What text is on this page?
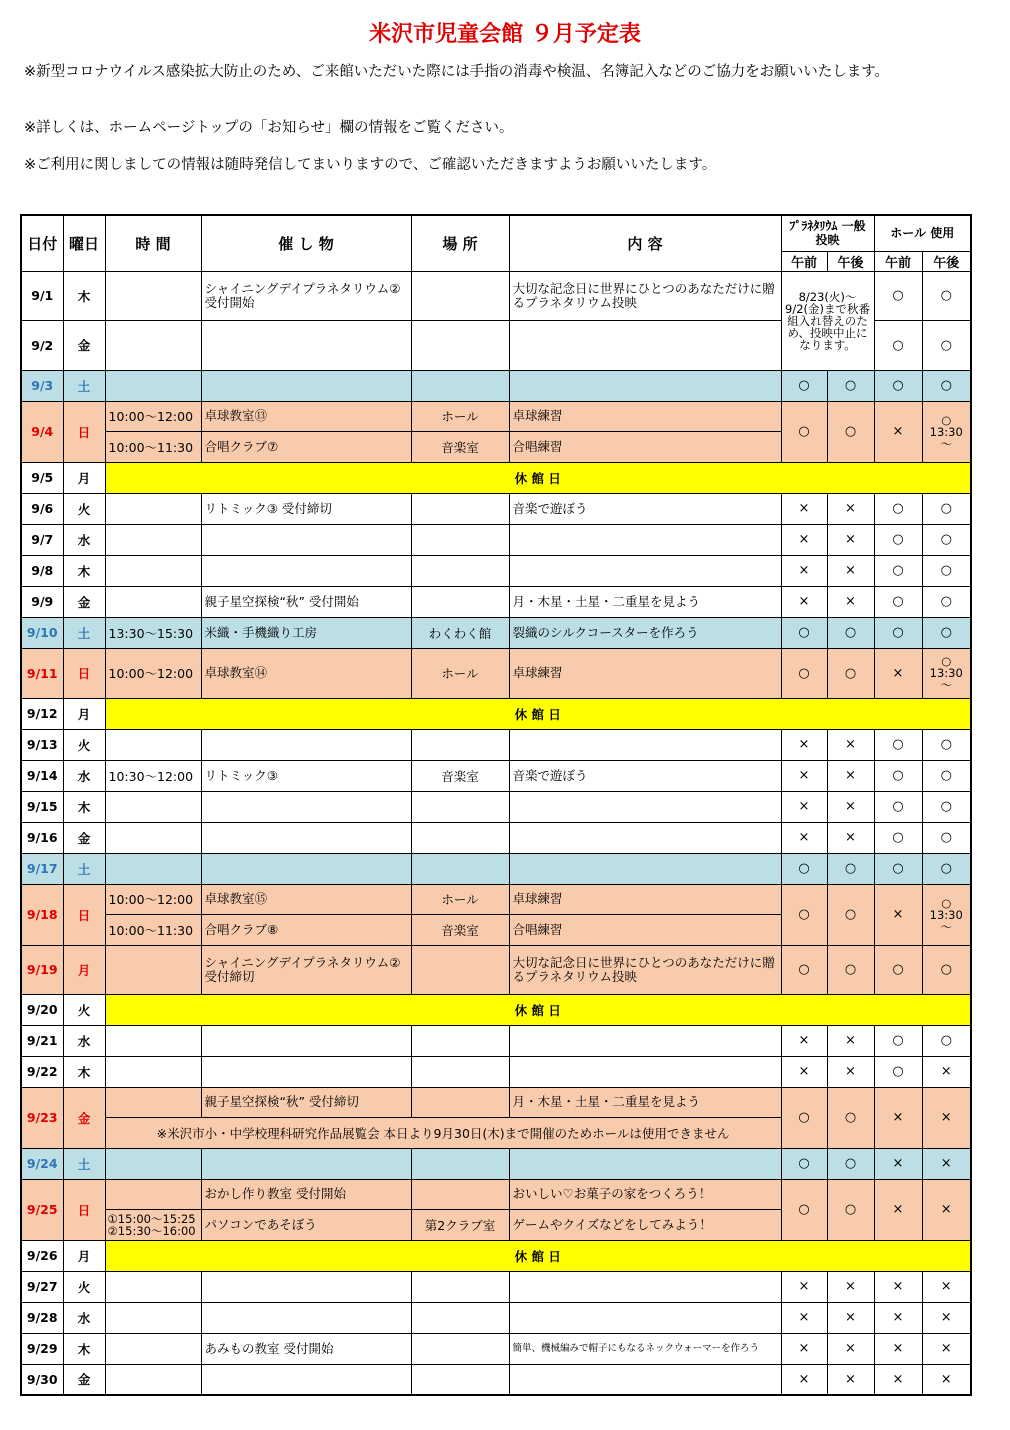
米沢市児童会館 ９月予定表
※新型コロナウイルス感染拡大防止のため、ご来館いただいた際には手指の消毒や検温、名簿記入などのご協力をお願いいたします。
※詳しくは、ホームページトップの「お知らせ」欄の情報をご覧ください。
※ご利用に関しましての情報は随時発信してまいりますので、ご確認いただきますようお願いいたします。
日付	曜日	時 間	催 し 物	場 所	内 容	ﾌﾟﾗﾈﾀﾘｳﾑ 一般投映		ホール 使用	
						午前	午後	午前	午後
9/1	木		シャイニングデイプラネタリウム② 受付開始		大切な記念日に世界にひとつのあなただけに贈るプラネタリウム投映	8/23(火)～9/2(金)まで秋番組入れ替えのため、投映中止になります。		○	○
9/2	金							○	○
9/3	土					○	○	○	○
9/4	日	10:00～12:00	卓球教室⑬	ホール	卓球練習	○	○	×	○ 13:30 ～
		10:00～11:30	合唱クラブ⑦	音楽室	合唱練習				
9/5	月	休 館 日							
9/6	火		リトミック③ 受付締切		音楽で遊ぼう	×	×	○	○
9/7	水					×	×	○	○
9/8	木					×	×	○	○
9/9	金		親子星空探検“秋” 受付開始		月・木星・土星・二重星を見よう	×	×	○	○
9/10	土	13:30～15:30	米織・手機織り工房	わくわく館	裂織のシルクコースターを作ろう	○	○	○	○
9/11	日	10:00～12:00	卓球教室⑭	ホール	卓球練習	○	○	×	○ 13:30 ～
9/12	月	休 館 日							
9/13	火					×	×	○	○
9/14	水	10:30～12:00	リトミック③	音楽室	音楽で遊ぼう	×	×	○	○
9/15	木					×	×	○	○
9/16	金					×	×	○	○
9/17	土					○	○	○	○
9/18	日	10:00～12:00	卓球教室⑮	ホール	卓球練習	○	○	×	○ 13:30 ～
		10:00～11:30	合唱クラブ⑧	音楽室	合唱練習				
9/19	月		シャイニングデイプラネタリウム② 受付締切		大切な記念日に世界にひとつのあなただけに贈るプラネタリウム投映	○	○	○	○
9/20	火	休 館 日							
9/21	水					×	×	○	○
9/22	木					×	×	○	×
9/23	金		親子星空探検“秋” 受付締切		月・木星・土星・二重星を見よう	○	○	×	×
		※米沢市小・中学校理科研究作品展覧会 本日より9月30日(木)まで開催のためホールは使用できません							
9/24	土					○	○	×	×
9/25	日		おかし作り教室 受付開始		おいしい♡お菓子の家をつくろう！	○	○	×	×
		①15:00～15:25 ②15:30～16:00	パソコンであそぼう	第2クラブ室	ゲームやクイズなどをしてみよう！				
9/26	月	休 館 日							
9/27	火					×	×	×	×
9/28	水					×	×	×	×
9/29	木		あみもの教室 受付開始		簡単、機械編みで帽子にもなるネックウォーマーを作ろう	×	×	×	×
9/30	金					×	×	×	×
